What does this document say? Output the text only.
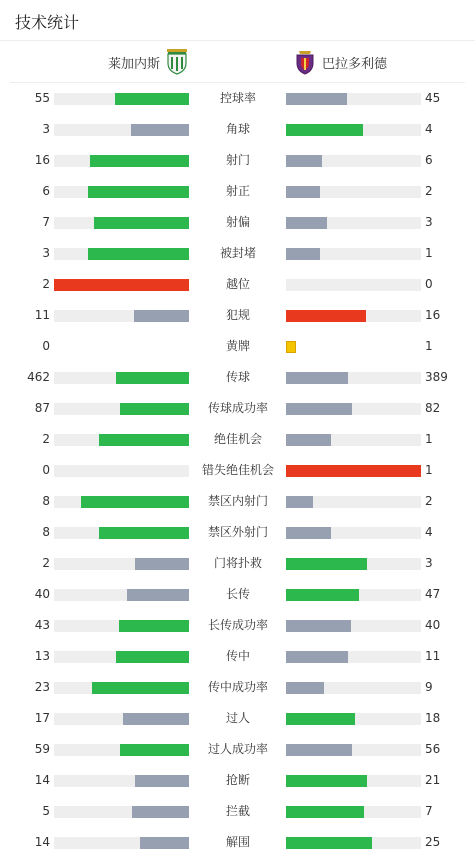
技术统计
莱加内斯	巴拉多利德
55	控球率	45
3	角球	4
16	射门	6
6	射正	2
7	射偏	3
3	被封堵	1
2	越位	0
11	犯规	16
0	黄牌	1
462	传球	389
87	传球成功率	82
2	绝佳机会	1
0	错失绝佳机会	1
8	禁区内射门	2
8	禁区外射门	4
2	门将扑救	3
40	长传	47
43	长传成功率	40
13	传中	11
23	传中成功率	9
17	过人	18
59	过人成功率	56
14	抢断	21
5	拦截	7
14	解围	25
